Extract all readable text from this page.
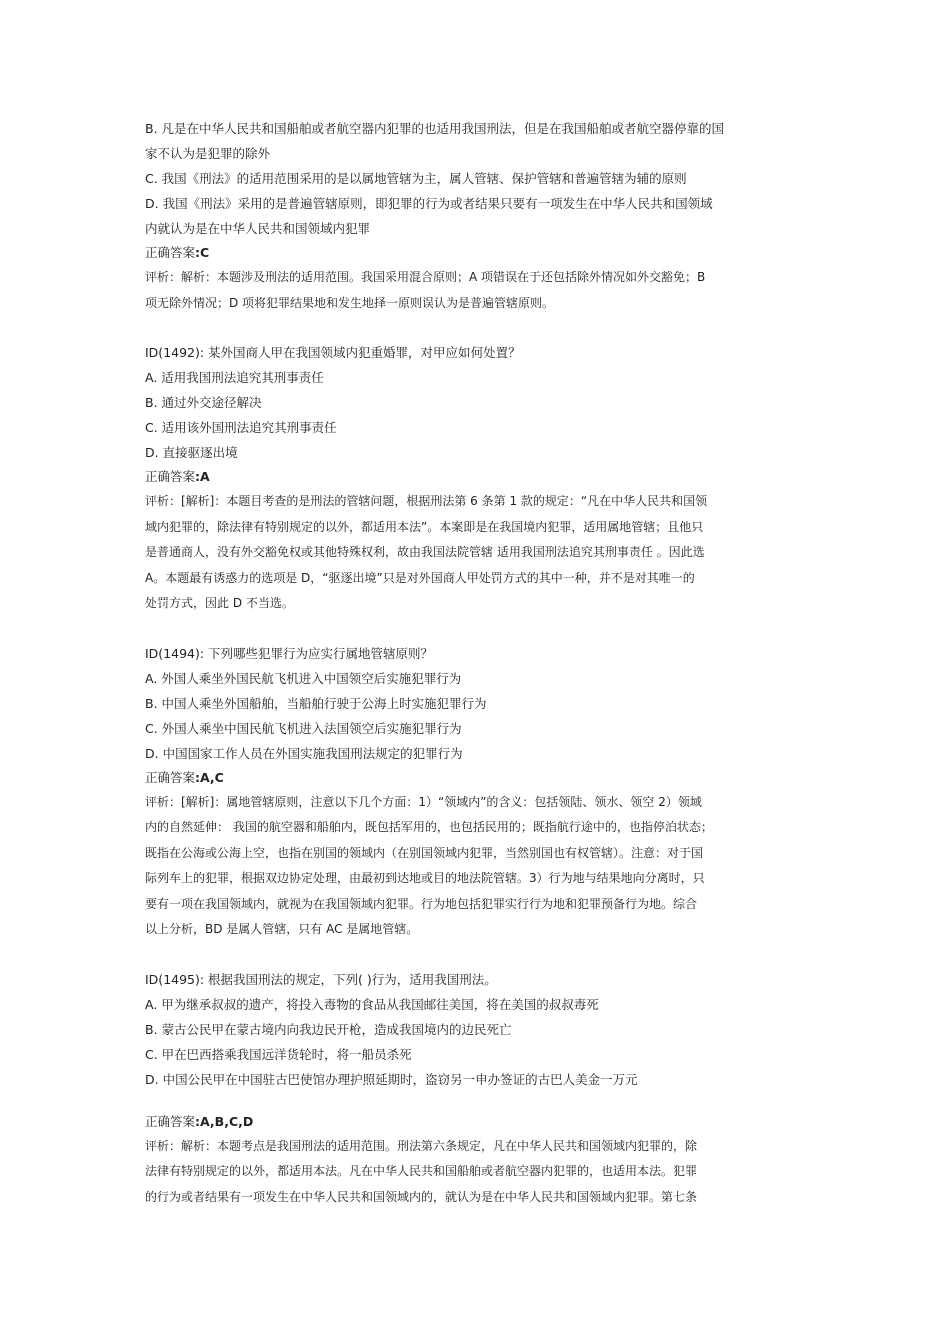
B. 凡是在中华人民共和国船舶或者航空器内犯罪的也适用我国刑法，但是在我国船舶或者航空器停靠的国
家不认为是犯罪的除外
C. 我国《刑法》的适用范围采用的是以属地管辖为主，属人管辖、保护管辖和普遍管辖为辅的原则
D. 我国《刑法》采用的是普遍管辖原则，即犯罪的行为或者结果只要有一项发生在中华人民共和国领域
内就认为是在中华人民共和国领域内犯罪
正确答案:C
评析：解析：本题涉及刑法的适用范围。我国采用混合原则；A 项错误在于还包括除外情况如外交豁免；B
项无除外情况；D 项将犯罪结果地和发生地择一原则误认为是普遍管辖原则。
ID(1492): 某外国商人甲在我国领域内犯重婚罪，对甲应如何处置？
A. 适用我国刑法追究其刑事责任
B. 通过外交途径解决
C. 适用该外国刑法追究其刑事责任
D. 直接驱逐出境
正确答案:A
评析：[解析]：本题目考查的是刑法的管辖问题，根据刑法第 6 条第 1 款的规定：“凡在中华人民共和国领
域内犯罪的，除法律有特别规定的以外，都适用本法”。本案即是在我国境内犯罪，适用属地管辖；且他只
是普通商人，没有外交豁免权或其他特殊权利，故由我国法院管辖 适用我国刑法追究其刑事责任 。因此选
A。本题最有诱惑力的选项是 D，“驱逐出境”只是对外国商人甲处罚方式的其中一种，并不是对其唯一的
处罚方式，因此 D 不当选。
ID(1494): 下列哪些犯罪行为应实行属地管辖原则？
A. 外国人乘坐外国民航飞机进入中国领空后实施犯罪行为
B. 中国人乘坐外国船舶，当船舶行驶于公海上时实施犯罪行为
C. 外国人乘坐中国民航飞机进入法国领空后实施犯罪行为
D. 中国国家工作人员在外国实施我国刑法规定的犯罪行为
正确答案:A,C
评析：[解析]：属地管辖原则，注意以下几个方面：1）“领域内”的含义：包括领陆、领水、领空 2）领域
内的自然延伸： 我国的航空器和船舶内，既包括军用的，也包括民用的；既指航行途中的，也指停泊状态；
既指在公海或公海上空，也指在别国的领域内（在别国领域内犯罪，当然别国也有权管辖）。注意：对于国
际列车上的犯罪，根据双边协定处理，由最初到达地或目的地法院管辖。3）行为地与结果地向分离时，只
要有一项在我国领域内，就视为在我国领域内犯罪。行为地包括犯罪实行行为地和犯罪预备行为地。综合
以上分析，BD 是属人管辖，只有 AC 是属地管辖。
ID(1495): 根据我国刑法的规定，下列( )行为，适用我国刑法。
A. 甲为继承叔叔的遗产，将投入毒物的食品从我国邮往美国，将在美国的叔叔毒死
B. 蒙古公民甲在蒙古境内向我边民开枪，造成我国境内的边民死亡
C. 甲在巴西搭乘我国远洋货轮时，将一船员杀死
D. 中国公民甲在中国驻古巴使馆办理护照延期时，盗窃另一申办签证的古巴人美金一万元
正确答案:A,B,C,D
评析：解析：本题考点是我国刑法的适用范围。刑法第六条规定，凡在中华人民共和国领域内犯罪的，除
法律有特别规定的以外，都适用本法。凡在中华人民共和国船舶或者航空器内犯罪的，也适用本法。犯罪
的行为或者结果有一项发生在中华人民共和国领域内的，就认为是在中华人民共和国领域内犯罪。第七条
